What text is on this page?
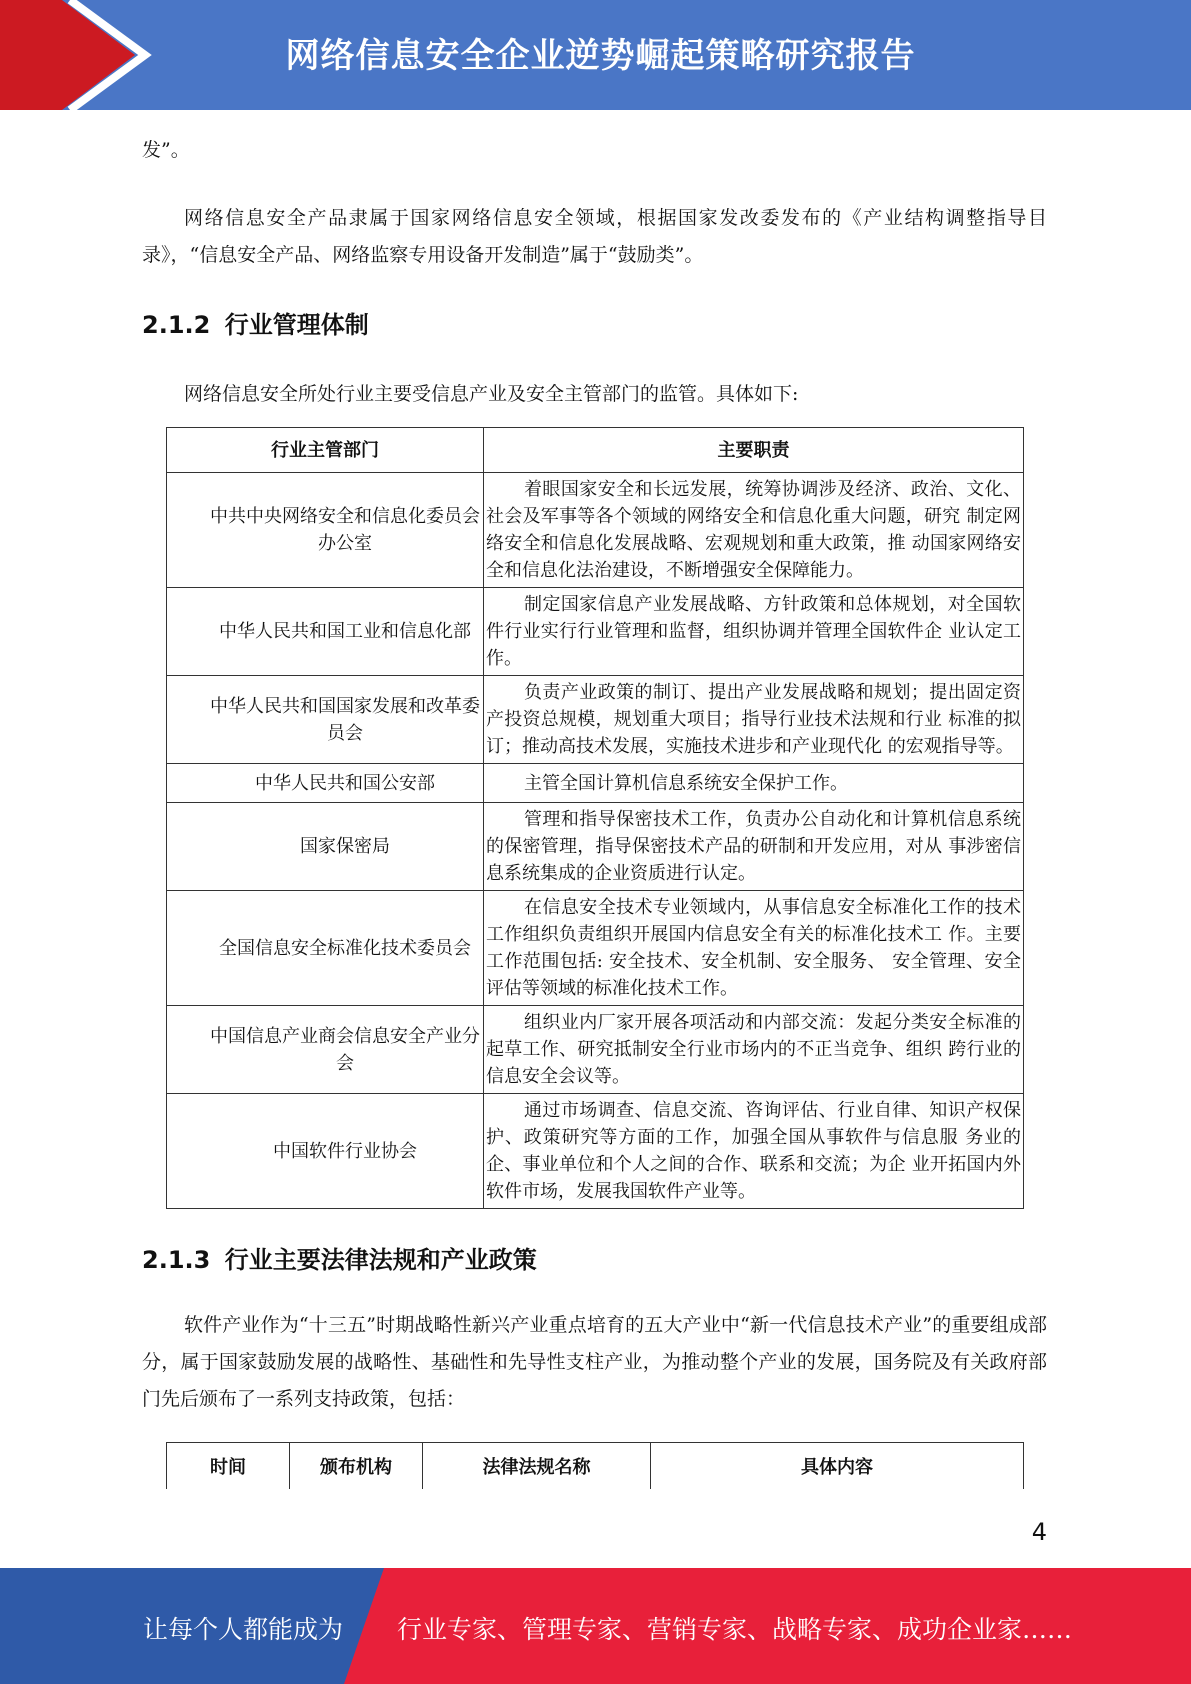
网络信息安全企业逆势崛起策略研究报告

发”。

网络信息安全产品隶属于国家网络信息安全领域，根据国家发改委发布的《产业结构调整指导目录》，“信息安全产品、网络监察专用设备开发制造”属于“鼓励类”。

2.1.2 行业管理体制

网络信息安全所处行业主要受信息产业及安全主管部门的监管。具体如下:

行业主管部门	主要职责
中共中央网络安全和信息化委员会办公室	着眼国家安全和长远发展，统筹协调涉及经济、政治、文化、社会及军事等各个领域的网络安全和信息化重大问题，研究 制定网络安全和信息化发展战略、宏观规划和重大政策，推 动国家网络安全和信息化法治建设，不断增强安全保障能力。
中华人民共和国工业和信息化部	制定国家信息产业发展战略、方针政策和总体规划，对全国软件行业实行行业管理和监督，组织协调并管理全国软件企 业认定工作。
中华人民共和国国家发展和改革委员会	负责产业政策的制订、提出产业发展战略和规划；提出固定资产投资总规模，规划重大项目；指导行业技术法规和行业 标准的拟订；推动高技术发展，实施技术进步和产业现代化 的宏观指导等。
中华人民共和国公安部	主管全国计算机信息系统安全保护工作。
国家保密局	管理和指导保密技术工作，负责办公自动化和计算机信息系统的保密管理，指导保密技术产品的研制和开发应用，对从 事涉密信息系统集成的企业资质进行认定。
全国信息安全标准化技术委员会	在信息安全技术专业领域内，从事信息安全标准化工作的技术工作组织负责组织开展国内信息安全有关的标准化技术工 作。主要工作范围包括: 安全技术、安全机制、安全服务、 安全管理、安全评估等领域的标准化技术工作。
中国信息产业商会信息安全产业分会	组织业内厂家开展各项活动和内部交流：发起分类安全标准的起草工作、研究抵制安全行业市场内的不正当竞争、组织 跨行业的信息安全会议等。
中国软件行业协会	通过市场调查、信息交流、咨询评估、行业自律、知识产权保护、政策研究等方面的工作，加强全国从事软件与信息服 务业的企、事业单位和个人之间的合作、联系和交流；为企 业开拓国内外软件市场，发展我国软件产业等。
2.1.3 行业主要法律法规和产业政策

软件产业作为“十三五”时期战略性新兴产业重点培育的五大产业中“新一代信息技术产业”的重要组成部分，属于国家鼓励发展的战略性、基础性和先导性支柱产业，为推动整个产业的发展，国务院及有关政府部门先后颁布了一系列支持政策，包括：

时间	颁布机构	法律法规名称	具体内容
4
让每个人都能成为 行业专家、管理专家、营销专家、战略专家、成功企业家……
